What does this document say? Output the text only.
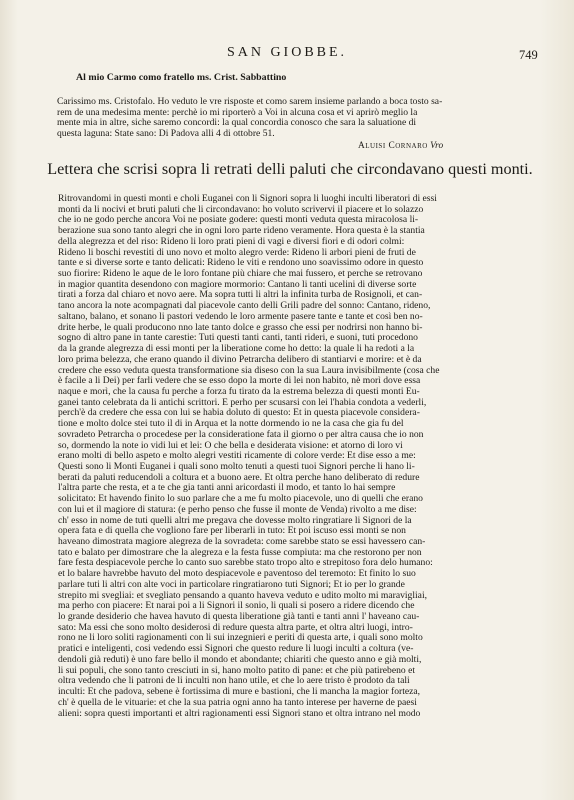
SAN GIOBBE.	749
Al mio Carmo como fratello ms. Crist. Sabbattino
Carissimo ms. Cristofalo. Ho veduto le vre risposte et como sarem insieme parlando a boca tosto sa-
rem de una medesima mente: perchè io mi riporterò a Voi in alcuna cosa et vi aprirò meglio la
mente mia in altre, siche saremo concordi: la qual concordia conosco che sara la saluatione di
questa laguna: State sano: Di Padova alli 4 di ottobre 51.
Aluisi Cornaro Vro
Lettera che scrisi sopra li retrati delli paluti che circondavano questi monti.
Ritrovandomi in questi monti e choli Euganei con li Signori sopra li luoghi inculti liberatori di essi
monti da li nocivi et bruti paluti che li circondavano: ho voluto scrivervi il piacere et lo solazzo
che io ne godo perche ancora Voi ne posiate godere: questi monti veduta questa miracolosa li-
berazione sua sono tanto alegri che in ogni loro parte rideno veramente. Hora questa è la stantia
della alegrezza et del riso: Rideno li loro prati pieni di vagi e diversi fiori e di odori colmi:
Rideno li boschi revestiti di uno novo et molto alegro verde: Rideno li arbori pieni de fruti de
tante e si diverse sorte e tanto delicati: Rideno le viti e rendono uno soavissimo odore in questo
suo fiorire: Rideno le aque de le loro fontane più chiare che mai fussero, et perche se retrovano
in magior quantita desendono con magiore mormorio: Cantano li tanti ucelini di diverse sorte
tirati a forza dal chiaro et novo aere. Ma sopra tutti li altri la infinita turba de Rosignoli, et can-
tano ancora la note acompagnati dal piacevole canto delli Grili padre del sonno: Cantano, rideno,
saltano, balano, et sonano li pastori vedendo le loro armente pasere tante e tante et così ben no-
drite herbe, le quali producono nno late tanto dolce e grasso che essi per nodrirsi non hanno bi-
sogno di altro pane in tante carestie: Tuti questi tanti canti, tanti rideri, e suoni, tuti procedono
da la grande alegrezza di essi monti per la liberatione come ho detto: la quale li ha redoti a la
loro prima belezza, che erano quando il divino Petrarcha delibero di stantiarvi e morire: et è da
credere che esso veduta questa transformatione sia diseso con la sua Laura invisibilmente (cosa che
è facile a li Dei) per farli vedere che se esso dopo la morte di lei non habito, nè morì dove essa
naque e morì, che la causa fu perche a forza fu tirato da la estrema belezza di questi monti Eu-
ganei tanto celebrata da li antichi scrittori. E perho per scusarsi con lei l'habia condota a vederli,
perch'è da credere che essa con lui se habia doluto di questo: Et in questa piacevole considera-
tione e molto dolce stei tuto il di in Arqua et la notte dormendo io ne la casa che gia fu del
sovradeto Petrarcha o procedese per la consideratione fata il giorno o per altra causa che io non
so, dormendo la note io vidi lui et lei: O che bella e desiderata visione: et atorno di loro vi
erano molti di bello aspeto e molto alegri vestiti ricamente di colore verde: Et dise esso a me:
Questi sono li Monti Euganei i quali sono molto tenuti a questi tuoi Signori perche li hano li-
berati da paluti reducendoli a coltura et a buono aere. Et oltra perche hano deliberato di redure
l'altra parte che resta, et a te che gia tanti anni aricordasti il modo, et tanto lo hai sempre
solicitato: Et havendo finito lo suo parlare che a me fu molto piacevole, uno di quelli che erano
con lui et il magiore di statura: (e perho penso che fusse il monte de Venda) rivolto a me dise:
ch' esso in nome de tuti quelli altri me pregava che dovesse molto ringratiare li Signori de la
opera fata e di quella che vogliono fare per liberarli in tuto: Et poi iscuso essi monti se non
haveano dimostrata magiore alegreza de la sovradeta: come sarebbe stato se essi havessero can-
tato e balato per dimostrare che la alegreza e la festa fusse compiuta: ma che restorono per non
fare festa despiacevole perche lo canto suo sarebbe stato tropo alto e strepitoso fora delo humano:
et lo balare havrebbe havuto del moto despiacevole e paventoso del teremoto: Et finito lo suo
parlare tuti li altri con alte voci in particolare ringratiarono tuti Signori; Et io per lo grande
strepito mi svegliai: et svegliato pensando a quanto haveva veduto e udito molto mi maravigliai,
ma perho con piacere: Et narai poi a li Signori il sonio, li quali si posero a ridere dicendo che
lo grande desiderio che havea havuto di questa liberatione già tanti e tanti anni l' haveano cau-
sato: Ma essi che sono molto desiderosi di redure questa altra parte, et oltra altri luogi, intro-
rono ne li loro soliti ragionamenti con li sui inzegnieri e periti di questa arte, i quali sono molto
pratici e inteligenti, cosi vedendo essi Signori che questo redure li luogi inculti a coltura (ve-
dendoli già reduti) è uno fare bello il mondo et abondante; chiariti che questo anno e già molti,
li sui populi, che sono tanto cresciuti in si, hano molto patito di pane: et che più patirebeno et
oltra vedendo che li patroni de li inculti non hano utile, et che lo aere tristo è prodoto da tali
inculti: Et che padova, sebene è fortissima di mure e bastioni, che li mancha la magior forteza,
ch' è quella de le vituarie: et che la sua patria ogni anno ha tanto interese per haverne de paesi
alieni: sopra questi importanti et altri ragionamenti essi Signori stano et oltra intrano nel modo
